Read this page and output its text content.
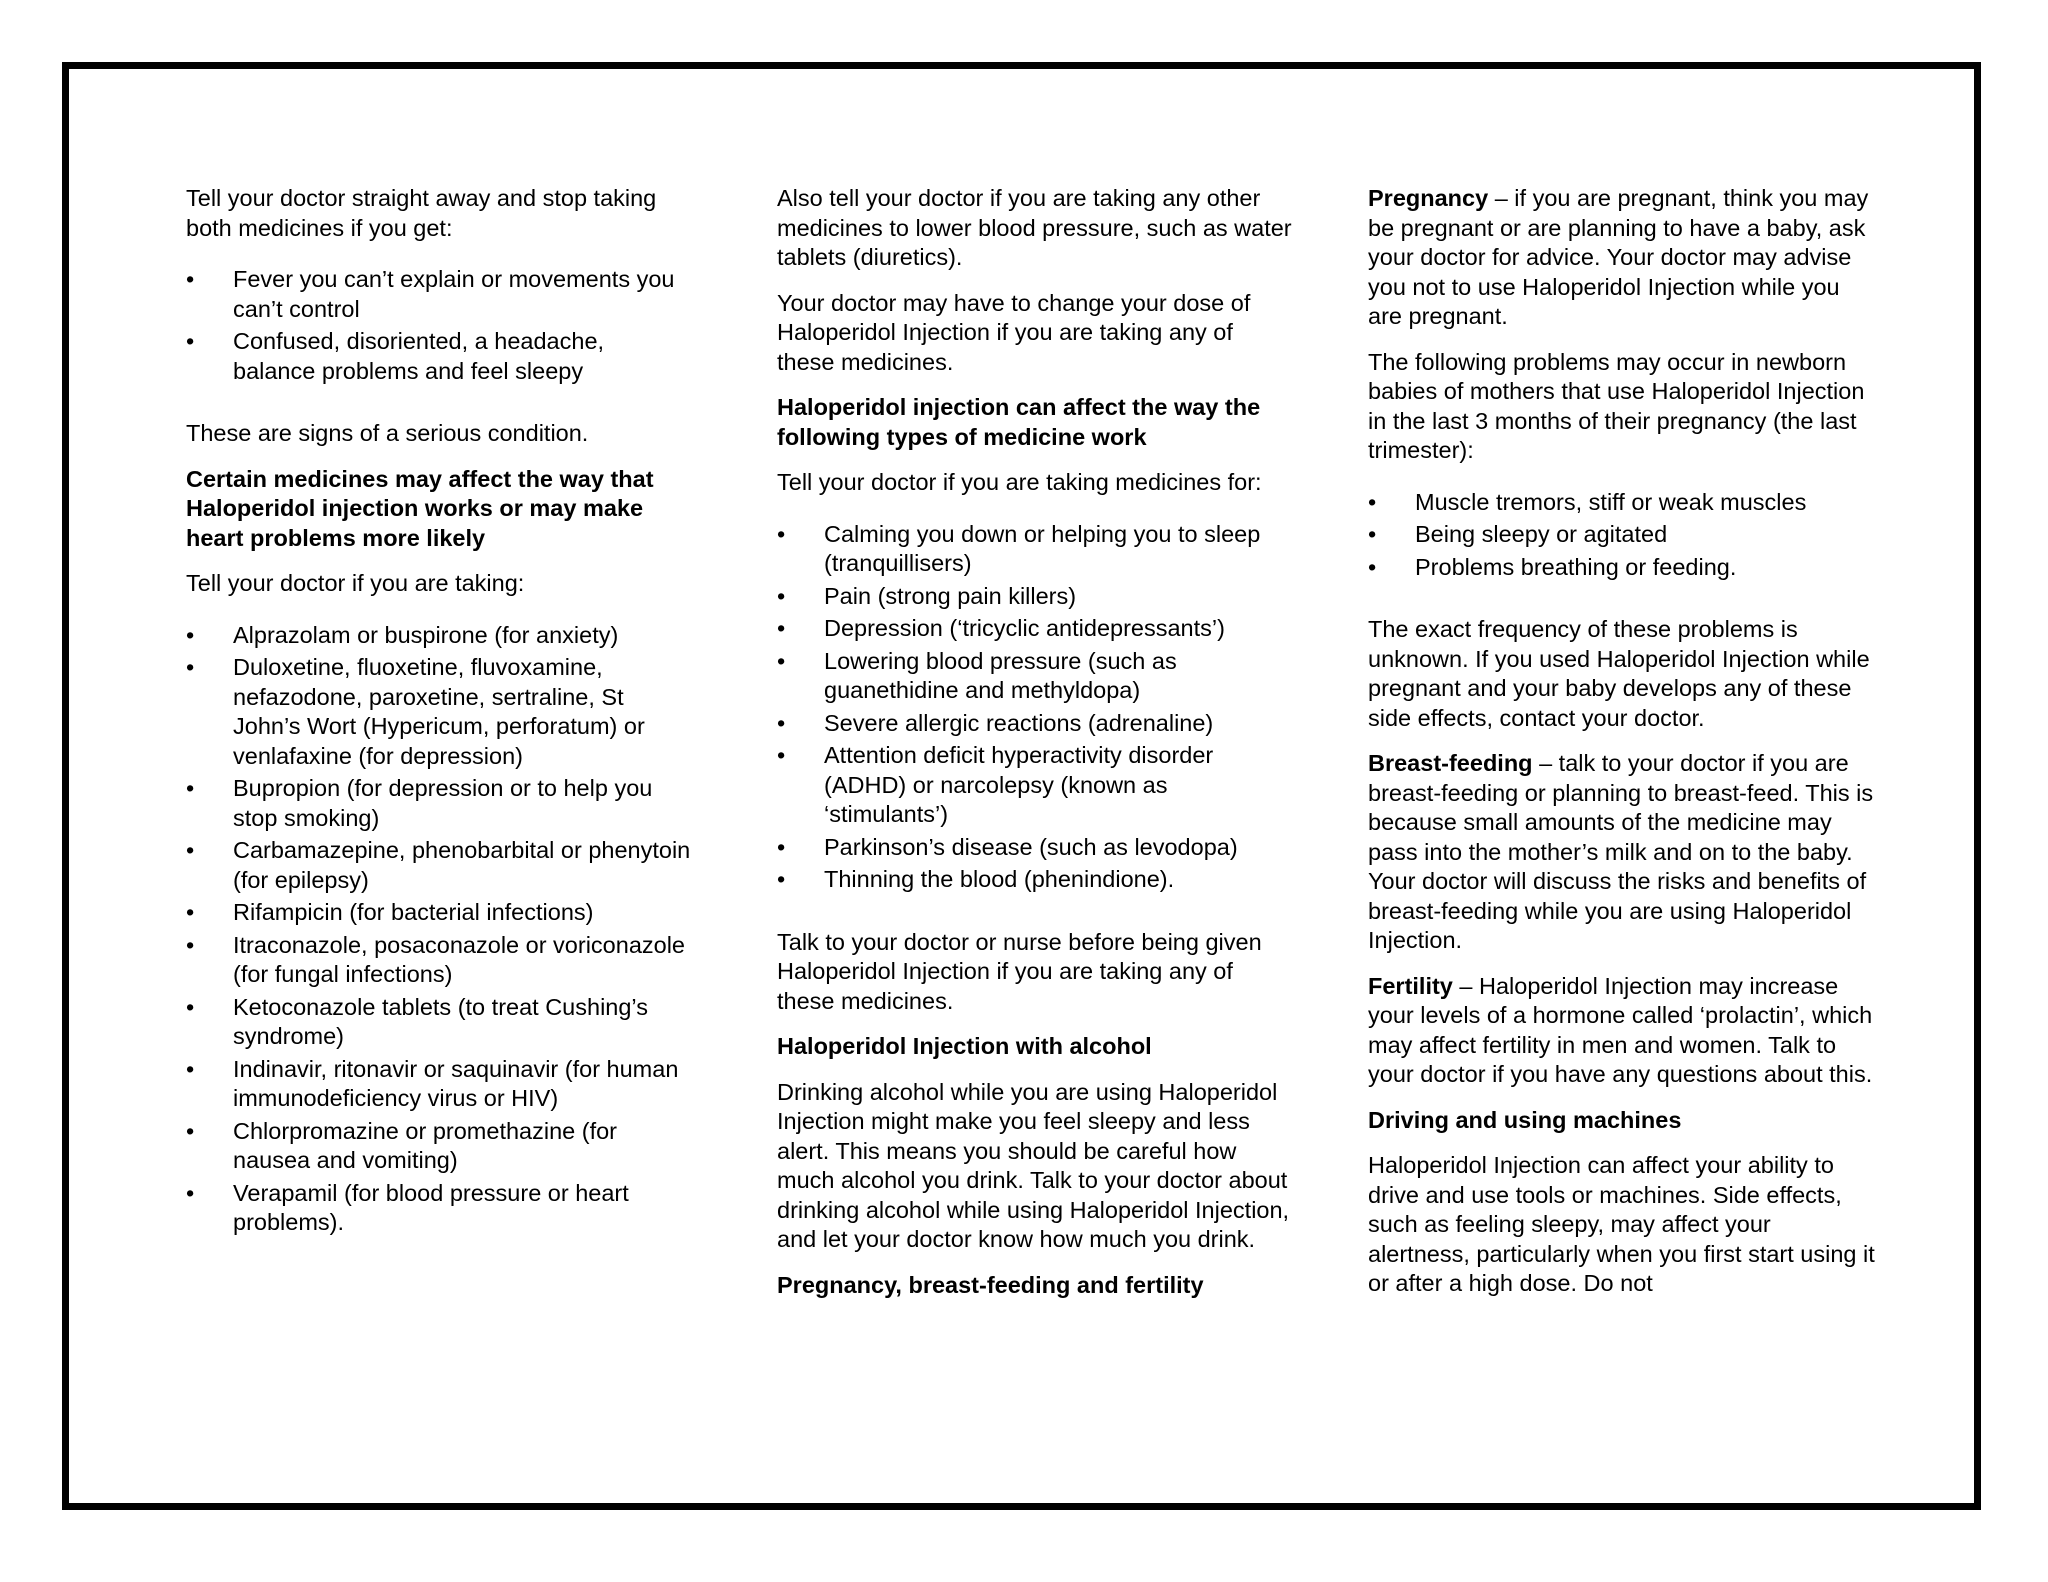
Tell your doctor straight away and stop taking both medicines if you get:

•	Fever you can’t explain or movements you can’t control
•	Confused, disoriented, a headache, balance problems and feel sleepy

These are signs of a serious condition.

Certain medicines may affect the way that Haloperidol injection works or may make heart problems more likely

Tell your doctor if you are taking:

•	Alprazolam or buspirone (for anxiety)
•	Duloxetine, fluoxetine, fluvoxamine, nefazodone, paroxetine, sertraline, St John’s Wort (Hypericum, perforatum) or venlafaxine (for depression)
•	Bupropion (for depression or to help you stop smoking)
•	Carbamazepine, phenobarbital or phenytoin (for epilepsy)
•	Rifampicin (for bacterial infections)
•	Itraconazole, posaconazole or voriconazole (for fungal infections)
•	Ketoconazole tablets (to treat Cushing’s syndrome)
•	Indinavir, ritonavir or saquinavir (for human immunodeficiency virus or HIV)
•	Chlorpromazine or promethazine (for nausea and vomiting)
•	Verapamil (for blood pressure or heart problems).

Also tell your doctor if you are taking any other medicines to lower blood pressure, such as water tablets (diuretics).

Your doctor may have to change your dose of Haloperidol Injection if you are taking any of these medicines.

Haloperidol injection can affect the way the following types of medicine work

Tell your doctor if you are taking medicines for:

•	Calming you down or helping you to sleep (tranquillisers)
•	Pain (strong pain killers)
•	Depression (‘tricyclic antidepressants’)
•	Lowering blood pressure (such as guanethidine and methyldopa)
•	Severe allergic reactions (adrenaline)
•	Attention deficit hyperactivity disorder (ADHD) or narcolepsy (known as ‘stimulants’)
•	Parkinson’s disease (such as levodopa)
•	Thinning the blood (phenindione).

Talk to your doctor or nurse before being given Haloperidol Injection if you are taking any of these medicines.

Haloperidol Injection with alcohol

Drinking alcohol while you are using Haloperidol Injection might make you feel sleepy and less alert. This means you should be careful how much alcohol you drink. Talk to your doctor about drinking alcohol while using Haloperidol Injection, and let your doctor know how much you drink.

Pregnancy, breast-feeding and fertility

Pregnancy – if you are pregnant, think you may be pregnant or are planning to have a baby, ask your doctor for advice. Your doctor may advise you not to use Haloperidol Injection while you are pregnant.

The following problems may occur in newborn babies of mothers that use Haloperidol Injection in the last 3 months of their pregnancy (the last trimester):

•	Muscle tremors, stiff or weak muscles
•	Being sleepy or agitated
•	Problems breathing or feeding.

The exact frequency of these problems is unknown. If you used Haloperidol Injection while pregnant and your baby develops any of these side effects, contact your doctor.

Breast-feeding – talk to your doctor if you are breast-feeding or planning to breast-feed. This is because small amounts of the medicine may pass into the mother’s milk and on to the baby. Your doctor will discuss the risks and benefits of breast-feeding while you are using Haloperidol Injection.

Fertility – Haloperidol Injection may increase your levels of a hormone called ‘prolactin’, which may affect fertility in men and women. Talk to your doctor if you have any questions about this.

Driving and using machines

Haloperidol Injection can affect your ability to drive and use tools or machines. Side effects, such as feeling sleepy, may affect your alertness, particularly when you first start using it or after a high dose. Do not
